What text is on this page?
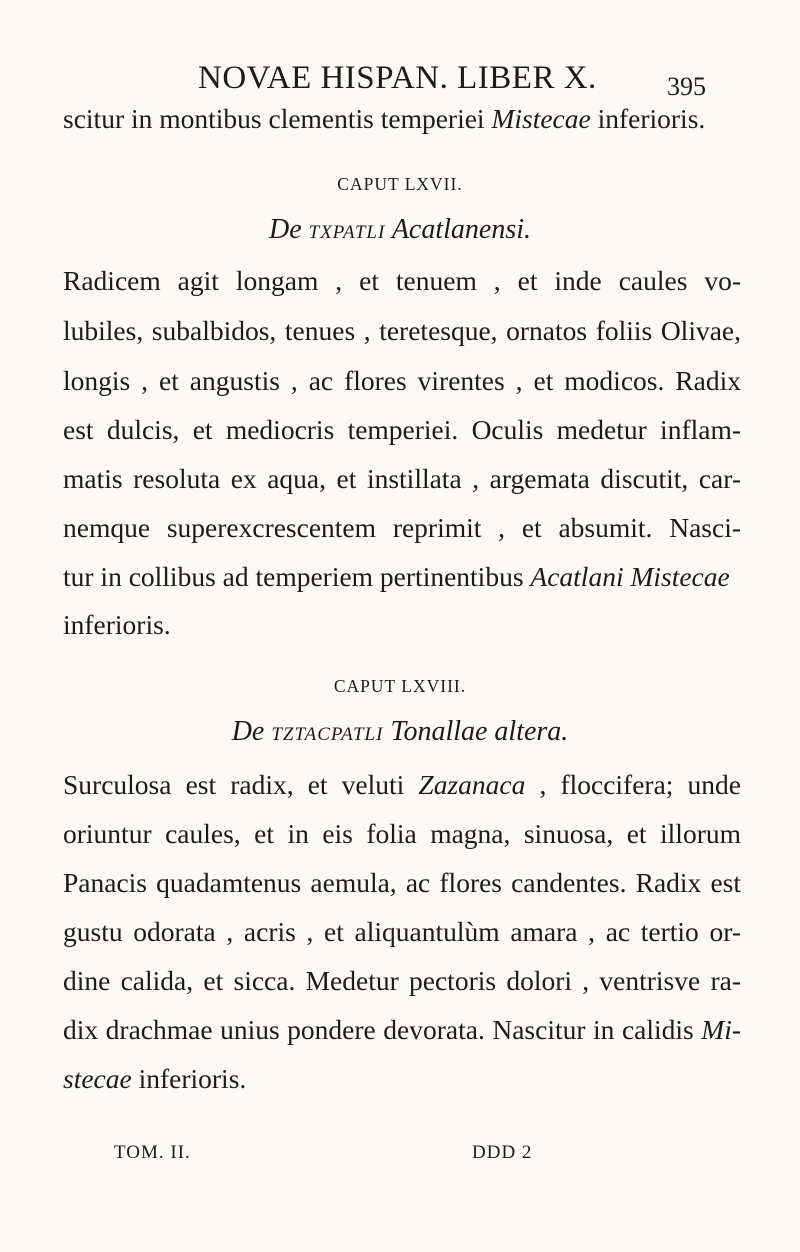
NOVAE HISPAN. LIBER X.	395
scitur in montibus clementis temperiei Mistecae inferioris.
CAPUT LXVII.
De TXPATLI Acatlanensi.
Radicem agit longam , et tenuem , et inde caules vo-
lubiles, subalbidos, tenues , teretesque, ornatos foliis Olivae,
longis , et angustis , ac flores virentes , et modicos. Radix
est dulcis, et mediocris temperiei. Oculis medetur inflam-
matis resoluta ex aqua, et instillata , argemata discutit, car-
nemque superexcrescentem reprimit , et absumit. Nasci-
tur in collibus ad temperiem pertinentibus Acatlani Mistecae
inferioris.
CAPUT LXVIII.
De TZTACPATLI Tonallae altera.
Surculosa est radix, et veluti Zazanaca , floccifera; unde
oriuntur caules, et in eis folia magna, sinuosa, et illorum
Panacis quadamtenus aemula, ac flores candentes. Radix est
gustu odorata , acris , et aliquantulùm amara , ac tertio or-
dine calida, et sicca. Medetur pectoris dolori , ventrisve ra-
dix drachmae unius pondere devorata. Nascitur in calidis Mi-
stecae inferioris.
TOM. II.	DDD 2
